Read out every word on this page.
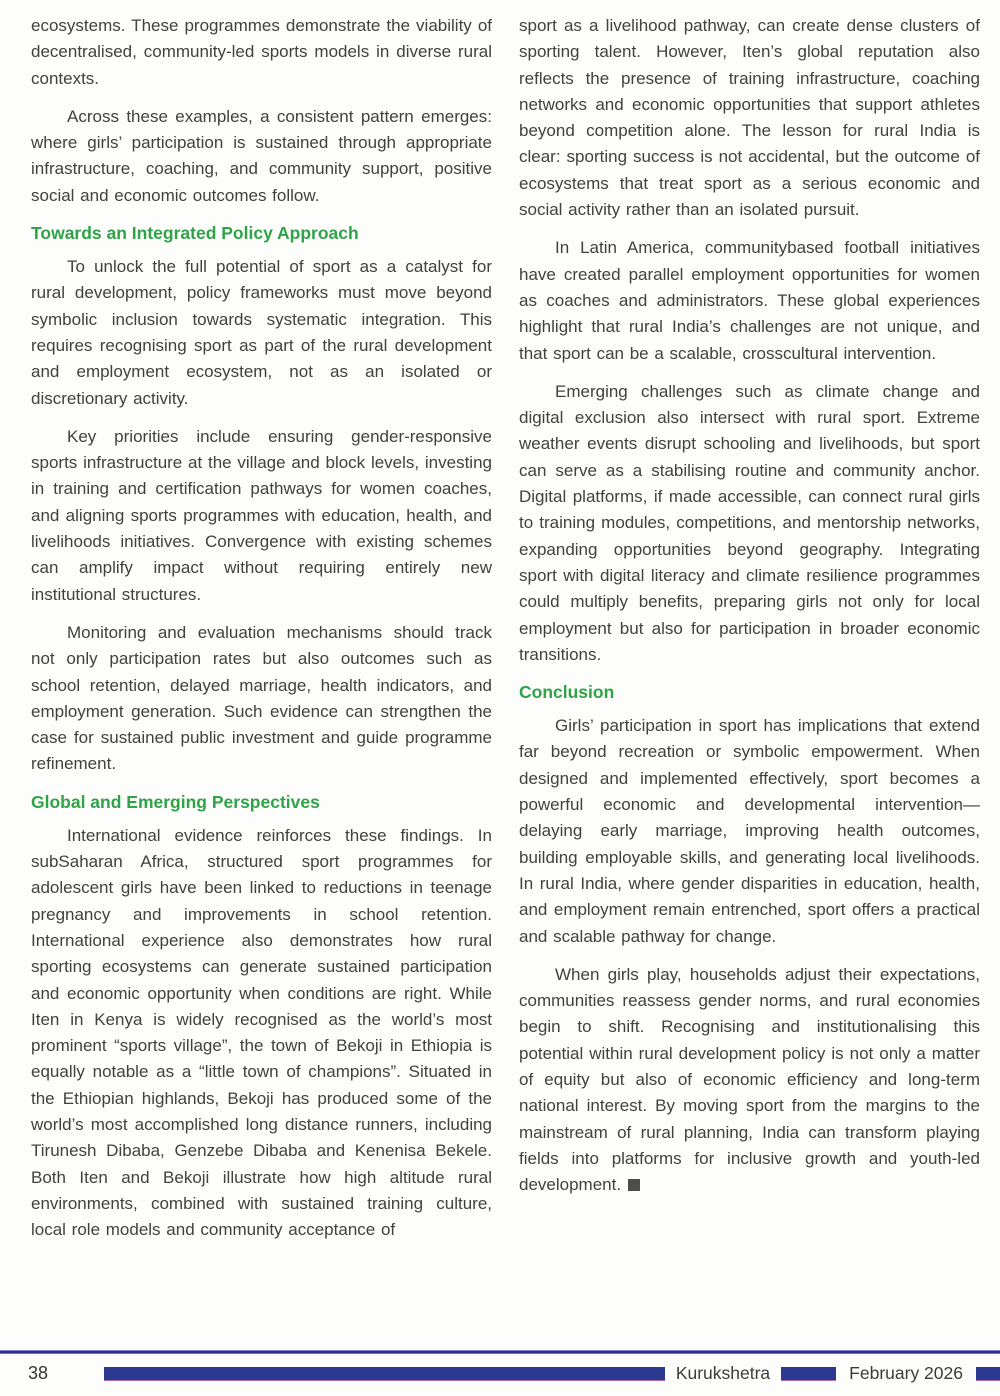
ecosystems. These programmes demonstrate the viability of decentralised, community-led sports models in diverse rural contexts.

Across these examples, a consistent pattern emerges: where girls’ participation is sustained through appropriate infrastructure, coaching, and community support, positive social and economic outcomes follow.

Towards an Integrated Policy Approach

To unlock the full potential of sport as a catalyst for rural development, policy frameworks must move beyond symbolic inclusion towards systematic integration. This requires recognising sport as part of the rural development and employment ecosystem, not as an isolated or discretionary activity.

Key priorities include ensuring gender-responsive sports infrastructure at the village and block levels, investing in training and certification pathways for women coaches, and aligning sports programmes with education, health, and livelihoods initiatives. Convergence with existing schemes can amplify impact without requiring entirely new institutional structures.

Monitoring and evaluation mechanisms should track not only participation rates but also outcomes such as school retention, delayed marriage, health indicators, and employment generation. Such evidence can strengthen the case for sustained public investment and guide programme refinement.

Global and Emerging Perspectives

International evidence reinforces these findings. In subSaharan Africa, structured sport programmes for adolescent girls have been linked to reductions in teenage pregnancy and improvements in school retention. International experience also demonstrates how rural sporting ecosystems can generate sustained participation and economic opportunity when conditions are right. While Iten in Kenya is widely recognised as the world’s most prominent “sports village”, the town of Bekoji in Ethiopia is equally notable as a “little town of champions”. Situated in the Ethiopian highlands, Bekoji has produced some of the world’s most accomplished long distance runners, including Tirunesh Dibaba, Genzebe Dibaba and Kenenisa Bekele. Both Iten and Bekoji illustrate how high altitude rural environments, combined with sustained training culture, local role models and community acceptance of

sport as a livelihood pathway, can create dense clusters of sporting talent. However, Iten’s global reputation also reflects the presence of training infrastructure, coaching networks and economic opportunities that support athletes beyond competition alone. The lesson for rural India is clear: sporting success is not accidental, but the outcome of ecosystems that treat sport as a serious economic and social activity rather than an isolated pursuit.

In Latin America, communitybased football initiatives have created parallel employment opportunities for women as coaches and administrators. These global experiences highlight that rural India’s challenges are not unique, and that sport can be a scalable, crosscultural intervention.

Emerging challenges such as climate change and digital exclusion also intersect with rural sport. Extreme weather events disrupt schooling and livelihoods, but sport can serve as a stabilising routine and community anchor. Digital platforms, if made accessible, can connect rural girls to training modules, competitions, and mentorship networks, expanding opportunities beyond geography. Integrating sport with digital literacy and climate resilience programmes could multiply benefits, preparing girls not only for local employment but also for participation in broader economic transitions.

Conclusion

Girls’ participation in sport has implications that extend far beyond recreation or symbolic empowerment. When designed and implemented effectively, sport becomes a powerful economic and developmental intervention—delaying early marriage, improving health outcomes, building employable skills, and generating local livelihoods. In rural India, where gender disparities in education, health, and employment remain entrenched, sport offers a practical and scalable pathway for change.

When girls play, households adjust their expectations, communities reassess gender norms, and rural economies begin to shift. Recognising and institutionalising this potential within rural development policy is not only a matter of equity but also of economic efficiency and long-term national interest. By moving sport from the margins to the mainstream of rural planning, India can transform playing fields into platforms for inclusive growth and youth-led development.

38	Kurukshetra	February 2026
